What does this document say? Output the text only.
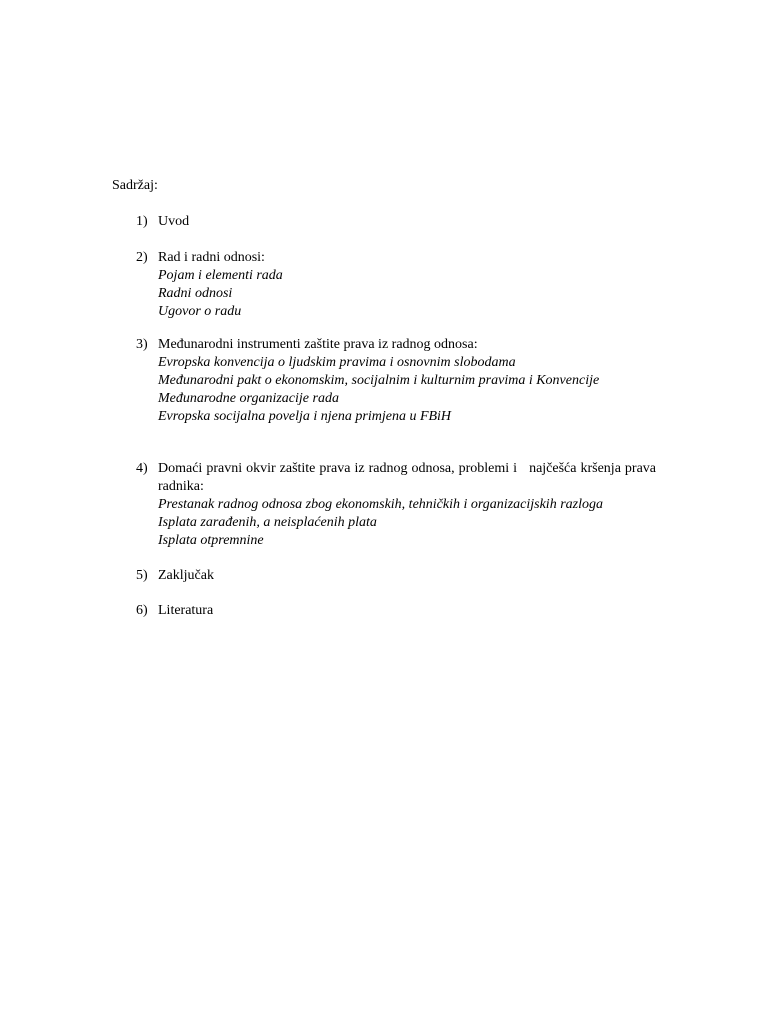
Sadržaj:
1) Uvod
2) Rad i radni odnosi:
Pojam i elementi rada
Radni odnosi
Ugovor o radu
3) Međunarodni instrumenti zaštite prava iz radnog odnosa:
Evropska konvencija o ljudskim pravima i osnovnim slobodama
Međunarodni pakt o ekonomskim, socijalnim i kulturnim pravima i Konvencije
Međunarodne organizacije rada
Evropska socijalna povelja i njena primjena u FBiH
4) Domaći pravni okvir zaštite prava iz radnog odnosa, problemi i   najčešća kršenja prava radnika:
Prestanak radnog odnosa zbog ekonomskih, tehničkih i organizacijskih razloga
Isplata zarađenih, a neisplaćenih plata
Isplata otpremnine
5) Zaključak
6) Literatura
